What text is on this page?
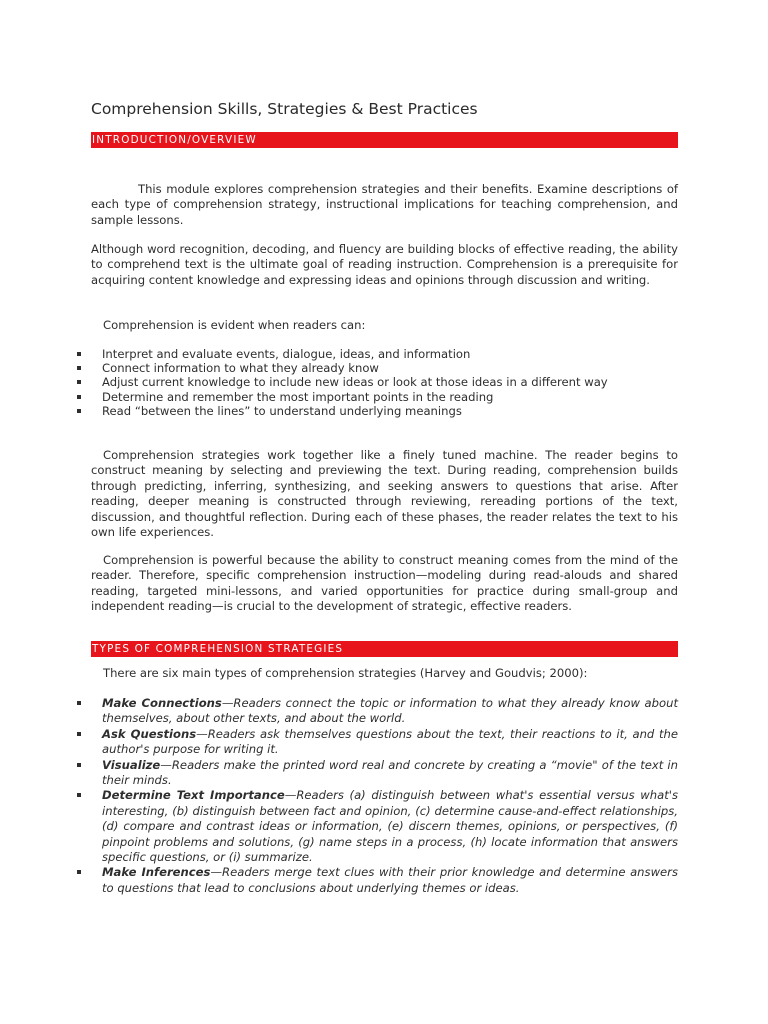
Comprehension Skills, Strategies & Best Practices
INTRODUCTION/OVERVIEW

This module explores comprehension strategies and their benefits. Examine descriptions of each type of comprehension strategy, instructional implications for teaching comprehension, and sample lessons.

Although word recognition, decoding, and fluency are building blocks of effective reading, the ability to comprehend text is the ultimate goal of reading instruction. Comprehension is a prerequisite for acquiring content knowledge and expressing ideas and opinions through discussion and writing.

Comprehension is evident when readers can:

Interpret and evaluate events, dialogue, ideas, and information
Connect information to what they already know
Adjust current knowledge to include new ideas or look at those ideas in a different way
Determine and remember the most important points in the reading
Read “between the lines” to understand underlying meanings

Comprehension strategies work together like a finely tuned machine. The reader begins to construct meaning by selecting and previewing the text. During reading, comprehension builds through predicting, inferring, synthesizing, and seeking answers to questions that arise. After reading, deeper meaning is constructed through reviewing, rereading portions of the text, discussion, and thoughtful reflection. During each of these phases, the reader relates the text to his own life experiences.

Comprehension is powerful because the ability to construct meaning comes from the mind of the reader. Therefore, specific comprehension instruction—modeling during read-alouds and shared reading, targeted mini-lessons, and varied opportunities for practice during small-group and independent reading—is crucial to the development of strategic, effective readers.

TYPES OF COMPREHENSION STRATEGIES

There are six main types of comprehension strategies (Harvey and Goudvis; 2000):

Make Connections—Readers connect the topic or information to what they already know about themselves, about other texts, and about the world.
Ask Questions—Readers ask themselves questions about the text, their reactions to it, and the author's purpose for writing it.
Visualize—Readers make the printed word real and concrete by creating a “movie" of the text in their minds.
Determine Text Importance—Readers (a) distinguish between what's essential versus what's interesting, (b) distinguish between fact and opinion, (c) determine cause-and-effect relationships, (d) compare and contrast ideas or information, (e) discern themes, opinions, or perspectives, (f) pinpoint problems and solutions, (g) name steps in a process, (h) locate information that answers specific questions, or (i) summarize.
Make Inferences—Readers merge text clues with their prior knowledge and determine answers to questions that lead to conclusions about underlying themes or ideas.
